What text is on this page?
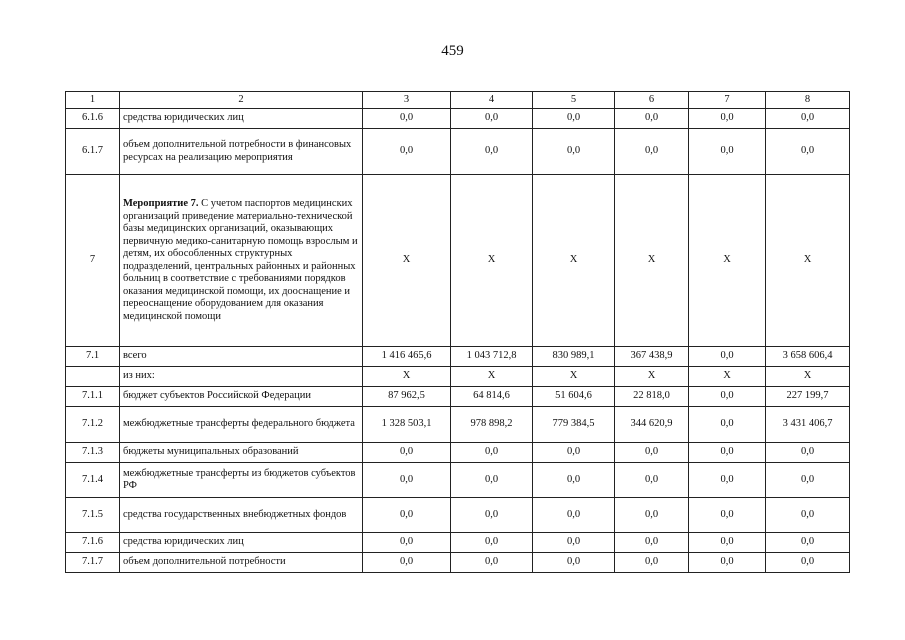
459
1	2	3	4	5	6	7	8
6.1.6	средства юридических лиц	0,0	0,0	0,0	0,0	0,0	0,0
6.1.7	объем дополнительной потребности в финансовых ресурсах на реализацию мероприятия	0,0	0,0	0,0	0,0	0,0	0,0
7	Мероприятие 7. С учетом паспортов медицинских организаций приведение материально-технической базы медицинских организаций, оказывающих первичную медико-санитарную помощь взрослым и детям, их обособленных структурных подразделений, центральных районных и районных больниц в соответствие с требованиями порядков оказания медицинской помощи, их дооснащение и переоснащение оборудованием для оказания медицинской помощи	X	X	X	X	X	X
7.1	всего	1 416 465,6	1 043 712,8	830 989,1	367 438,9	0,0	3 658 606,4
	из них:	X	X	X	X	X	X
7.1.1	бюджет субъектов Российской Федерации	87 962,5	64 814,6	51 604,6	22 818,0	0,0	227 199,7
7.1.2	межбюджетные трансферты федерального бюджета	1 328 503,1	978 898,2	779 384,5	344 620,9	0,0	3 431 406,7
7.1.3	бюджеты муниципальных образований	0,0	0,0	0,0	0,0	0,0	0,0
7.1.4	межбюджетные трансферты из бюджетов субъектов РФ	0,0	0,0	0,0	0,0	0,0	0,0
7.1.5	средства государственных внебюджетных фондов	0,0	0,0	0,0	0,0	0,0	0,0
7.1.6	средства юридических лиц	0,0	0,0	0,0	0,0	0,0	0,0
7.1.7	объем дополнительной потребности	0,0	0,0	0,0	0,0	0,0	0,0
